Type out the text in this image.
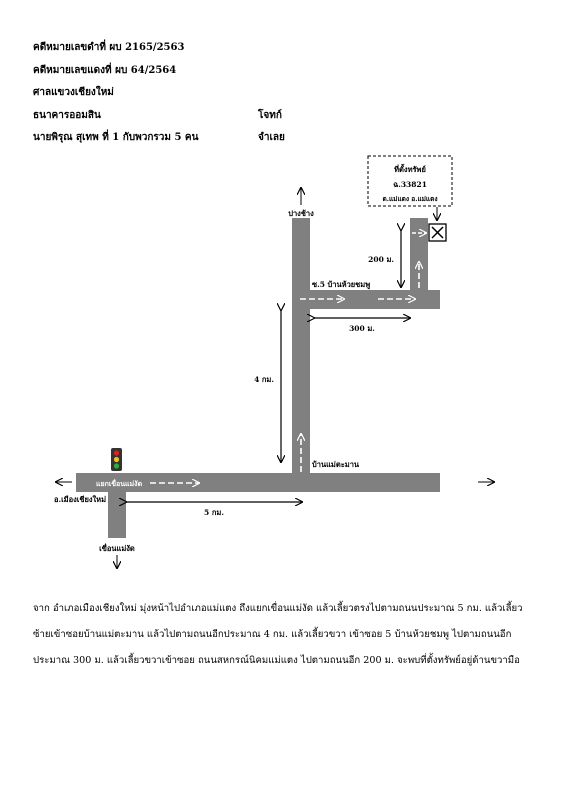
คดีหมายเลขดำที่ ผบ 2165/2563
คดีหมายเลขแดงที่ ผบ 64/2564
ศาลแขวงเชียงใหม่
ธนาคารออมสิน	โจทก์
นายพิรุณ สุเทพ ที่ 1 กับพวกรวม 5 คน	จำเลย
ที่ตั้งทรัพย์
ฉ.33821
ต.แม่แตง อ.แม่แตง
ปางช้าง
ซ.5 บ้านห้วยชมพู
200 ม.
300 ม.
4 กม.
บ้านแม่ตะมาน
แยกเขื่อนแม่งัด	อ.เชียงดาว
อ.เมืองเชียงใหม่
5 กม.
เขื่อนแม่งัด
จาก อำเภอเมืองเชียงใหม่ มุ่งหน้าไปอำเภอแม่แตง ถึงแยกเขื่อนแม่งัด แล้วเลี้ยวตรงไปตามถนนประมาณ 5 กม. แล้วเลี้ยว
ซ้ายเข้าซอยบ้านแม่ตะมาน แล้วไปตามถนนอีกประมาณ 4 กม. แล้วเลี้ยวขวา เข้าซอย 5 บ้านห้วยชมพู ไปตามถนนอีก
ประมาณ 300 ม. แล้วเลี้ยวขวาเข้าซอย ถนนสหกรณ์นิคมแม่แตง ไปตามถนนอีก 200 ม. จะพบที่ตั้งทรัพย์อยู่ด้านขวามือ
